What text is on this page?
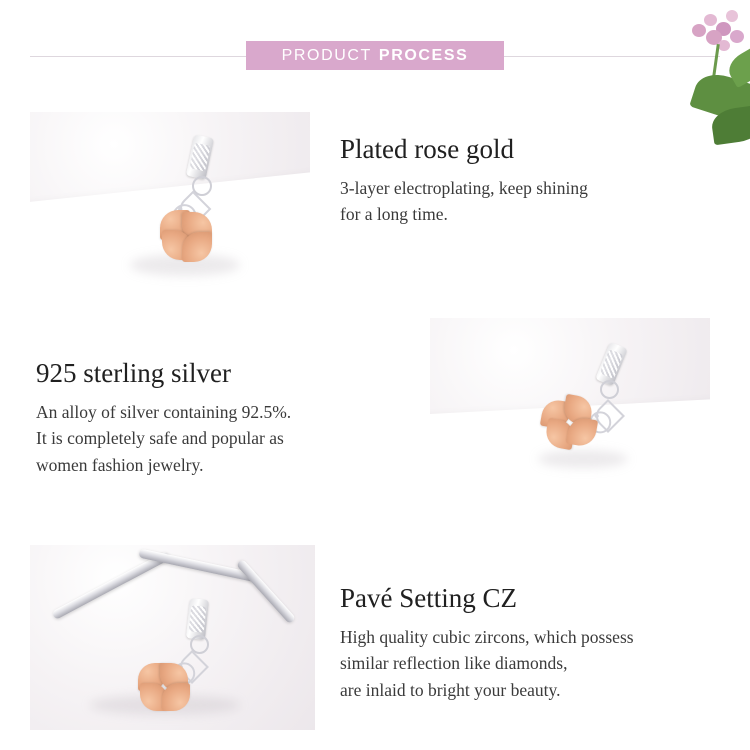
PRODUCT PROCESS
Plated rose gold

3-layer electroplating, keep shining
for a long time.

925 sterling silver

An alloy of silver containing 92.5%.
It is completely safe and popular as
women fashion jewelry.

Pavé Setting CZ

High quality cubic zircons, which possess
similar reflection like diamonds,
are inlaid to bright your beauty.
